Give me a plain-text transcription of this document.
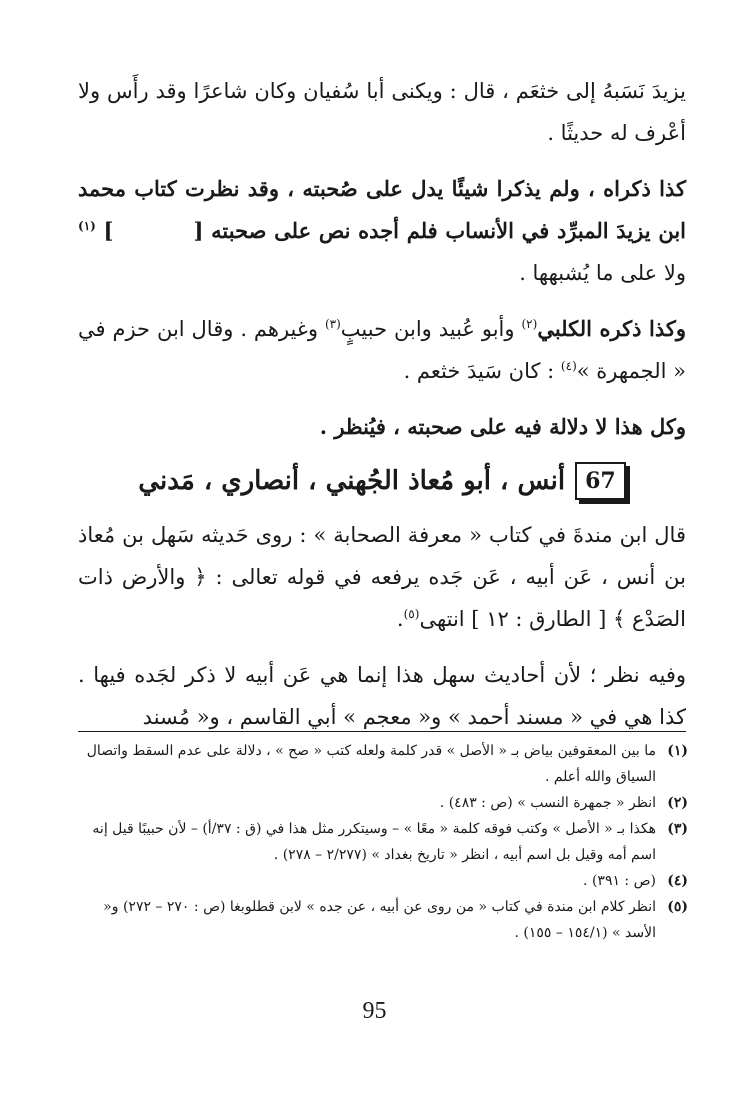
يزيدَ نَسَبهُ إلى خثعَم ، قال : ويكنى أبا سُفيان وكان شاعرًا وقد رأَس ولا أعْرف له حديثًا .
كذا ذكراه ، ولم يذكرا شيئًا يدل على صُحبته ، وقد نظرت كتاب محمد ابن يزيدَ المبرِّد في الأنساب فلم أجده نص على صحبته [] $^{(١)}$ ولا على ما يُشبهها .
وكذا ذكره الكلبي$^{(٢)}$ وأبو عُبيد وابن حبيبٍ$^{(٣)}$ وغيرهم . وقال ابن حزم في « الجمهرة »$^{(٤)}$ : كان سَيدَ خثعم .
وكل هذا لا دلالة فيه على صحبته ، فيُنظر .
67
أنس ، أبو مُعاذ الجُهني ، أنصاري ، مَدني
قال ابن مندةَ في كتاب « معرفة الصحابة » : روى حَديثه سَهل بن مُعاذ بن أنس ، عَن أبيه ، عَن جَده يرفعه في قوله تعالى : ﴿ والأرض ذات الصَدْع ﴾ [ الطارق : ١٢ ] انتهى$^{(٥)}$.
وفيه نظر ؛ لأن أحاديث سهل هذا إنما هي عَن أبيه لا ذكر لجَده فيها . كذا هي في « مسند أحمد » و« معجم » أبي القاسم ، و« مُسند
(١)
ما بين المعقوفين بياض بـ « الأصل » قدر كلمة ولعله كتب « صح » ، دلالة على عدم السقط واتصال السياق والله أعلم .
(٢)
انظر « جمهرة النسب » (ص : ٤٨٣) .
(٣)
هكذا بـ « الأصل » وكتب فوقه كلمة « معًا » – وسيتكرر مثل هذا في (ق : ٣٧/أ) – لأن حبيبًا قيل إنه اسم أمه وقيل بل اسم أبيه ، انظر « تاريخ بغداد » (٢/٢٧٧ – ٢٧٨) .
(٤)
(ص : ٣٩١) .
(٥)
انظر كلام ابن مندة في كتاب « من روى عن أبيه ، عن جده » لابن قطلوبغا (ص : ٢٧٠ – ٢٧٢) و« الأسد » (١٥٤/١ – ١٥٥) .
95
